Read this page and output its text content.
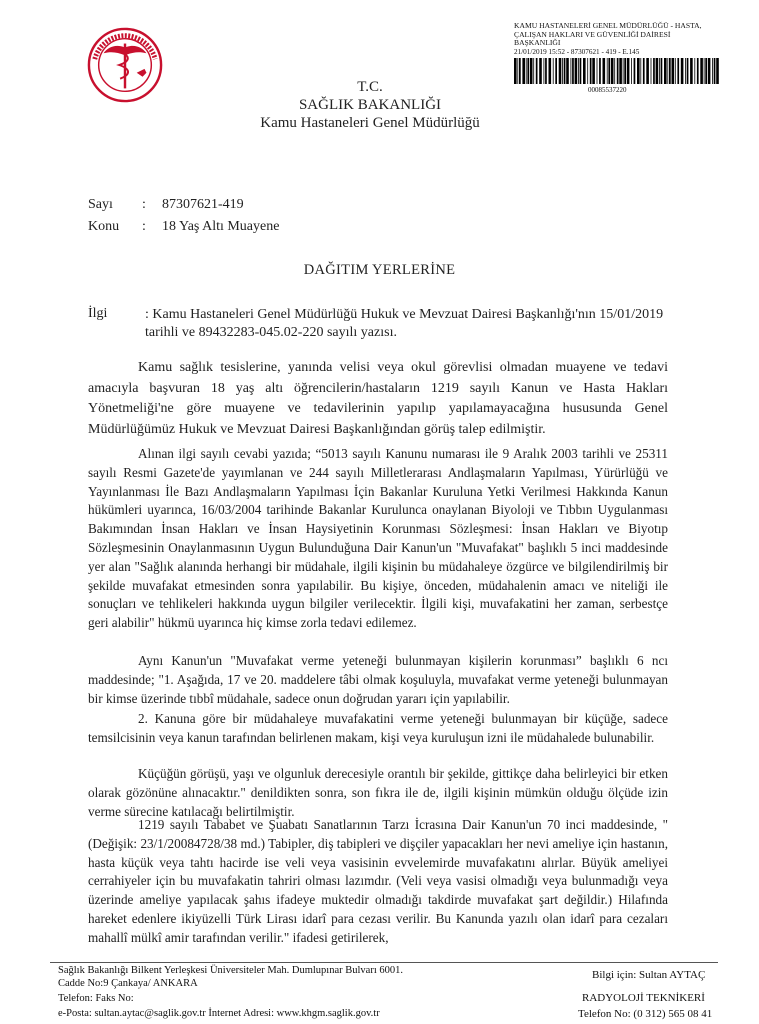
KAMU HASTANELERİ GENEL MÜDÜRLÜĞÜ - HASTA,
ÇALIŞAN HAKLARI VE GÜVENLİĞİ DAİRESİ
BAŞKANLIĞI
21/01/2019 15:52 - 87307621 - 419 - E.145
00085537220
T.C.
SAĞLIK BAKANLIĞI
Kamu Hastaneleri Genel Müdürlüğü
Sayı : 87307621-419
Konu : 18 Yaş Altı Muayene
DAĞITIM YERLERİNE
İlgi	: Kamu Hastaneleri Genel Müdürlüğü Hukuk ve Mevzuat Dairesi Başkanlığı'nın 15/01/2019 tarihli ve 89432283-045.02-220 sayılı yazısı.

Kamu sağlık tesislerine, yanında velisi veya okul görevlisi olmadan muayene ve tedavi amacıyla başvuran 18 yaş altı öğrencilerin/hastaların 1219 sayılı Kanun ve Hasta Hakları Yönetmeliği'ne göre muayene ve tedavilerinin yapılıp yapılamayacağına hususunda Genel Müdürlüğümüz Hukuk ve Mevzuat Dairesi Başkanlığından görüş talep edilmiştir.

Alınan ilgi sayılı cevabi yazıda; “5013 sayılı Kanunu numarası ile 9 Aralık 2003 tarihli ve 25311 sayılı Resmi Gazete'de yayımlanan ve 244 sayılı Milletlerarası Andlaşmaların Yapılması, Yürürlüğü ve Yayınlanması İle Bazı Andlaşmaların Yapılması İçin Bakanlar Kuruluna Yetki Verilmesi Hakkında Kanun hükümleri uyarınca, 16/03/2004 tarihinde Bakanlar Kurulunca onaylanan Biyoloji ve Tıbbın Uygulanması Bakımından İnsan Hakları ve İnsan Haysiyetinin Korunması Sözleşmesi: İnsan Hakları ve Biyotıp Sözleşmesinin Onaylanmasının Uygun Bulunduğuna Dair Kanun'un "Muvafakat" başlıklı 5 inci maddesinde yer alan "Sağlık alanında herhangi bir müdahale, ilgili kişinin bu müdahaleye özgürce ve bilgilendirilmiş bir şekilde muvafakat etmesinden sonra yapılabilir. Bu kişiye, önceden, müdahalenin amacı ve niteliği ile sonuçları ve tehlikeleri hakkında uygun bilgiler verilecektir. İlgili kişi, muvafakatini her zaman, serbestçe geri alabilir" hükmü uyarınca hiç kimse zorla tedavi edilemez.

Aynı Kanun'un "Muvafakat verme yeteneği bulunmayan kişilerin korunması” başlıklı 6 ncı maddesinde; "1. Aşağıda, 17 ve 20. maddelere tâbi olmak koşuluyla, muvafakat verme yeteneği bulunmayan bir kimse üzerinde tıbbî müdahale, sadece onun doğrudan yararı için yapılabilir.

2. Kanuna göre bir müdahaleye muvafakatini verme yeteneği bulunmayan bir küçüğe, sadece temsilcisinin veya kanun tarafından belirlenen makam, kişi veya kuruluşun izni ile müdahalede bulunabilir.

Küçüğün görüşü, yaşı ve olgunluk derecesiyle orantılı bir şekilde, gittikçe daha belirleyici bir etken olarak gözönüne alınacaktır." denildikten sonra, son fıkra ile de, ilgili kişinin mümkün olduğu ölçüde izin verme sürecine katılacağı belirtilmiştir.

1219 sayılı Tababet ve Şuabatı Sanatlarının Tarzı İcrasına Dair Kanun'un 70 inci maddesinde, "(Değişik: 23/1/20084728/38 md.) Tabipler, diş tabipleri ve dişçiler yapacakları her nevi ameliye için hastanın, hasta küçük veya tahtı hacirde ise veli veya vasisinin evvelemirde muvafakatını alırlar. Büyük ameliyei cerrahiyeler için bu muvafakatin tahriri olması lazımdır. (Veli veya vasisi olmadığı veya bulunmadığı veya üzerinde ameliye yapılacak şahıs ifadeye muktedir olmadığı takdirde muvafakat şart değildir.) Hilafında hareket edenlere ikiyüzelli Türk Lirası idarî para cezası verilir. Bu Kanunda yazılı olan idarî para cezaları mahallî mülkî amir tarafından verilir." ifadesi getirilerek,

Sağlık Bakanlığı Bilkent Yerleşkesi Üniversiteler Mah. Dumlupınar Bulvarı 6001.
Cadde No:9 Çankaya/ ANKARA
Telefon: Faks No:
e-Posta: sultan.aytac@saglik.gov.tr İnternet Adresi: www.khgm.saglik.gov.tr
Bilgi için: Sultan AYTAÇ
RADYOLOJİ TEKNİKERİ
Telefon No: (0 312) 565 08 41
